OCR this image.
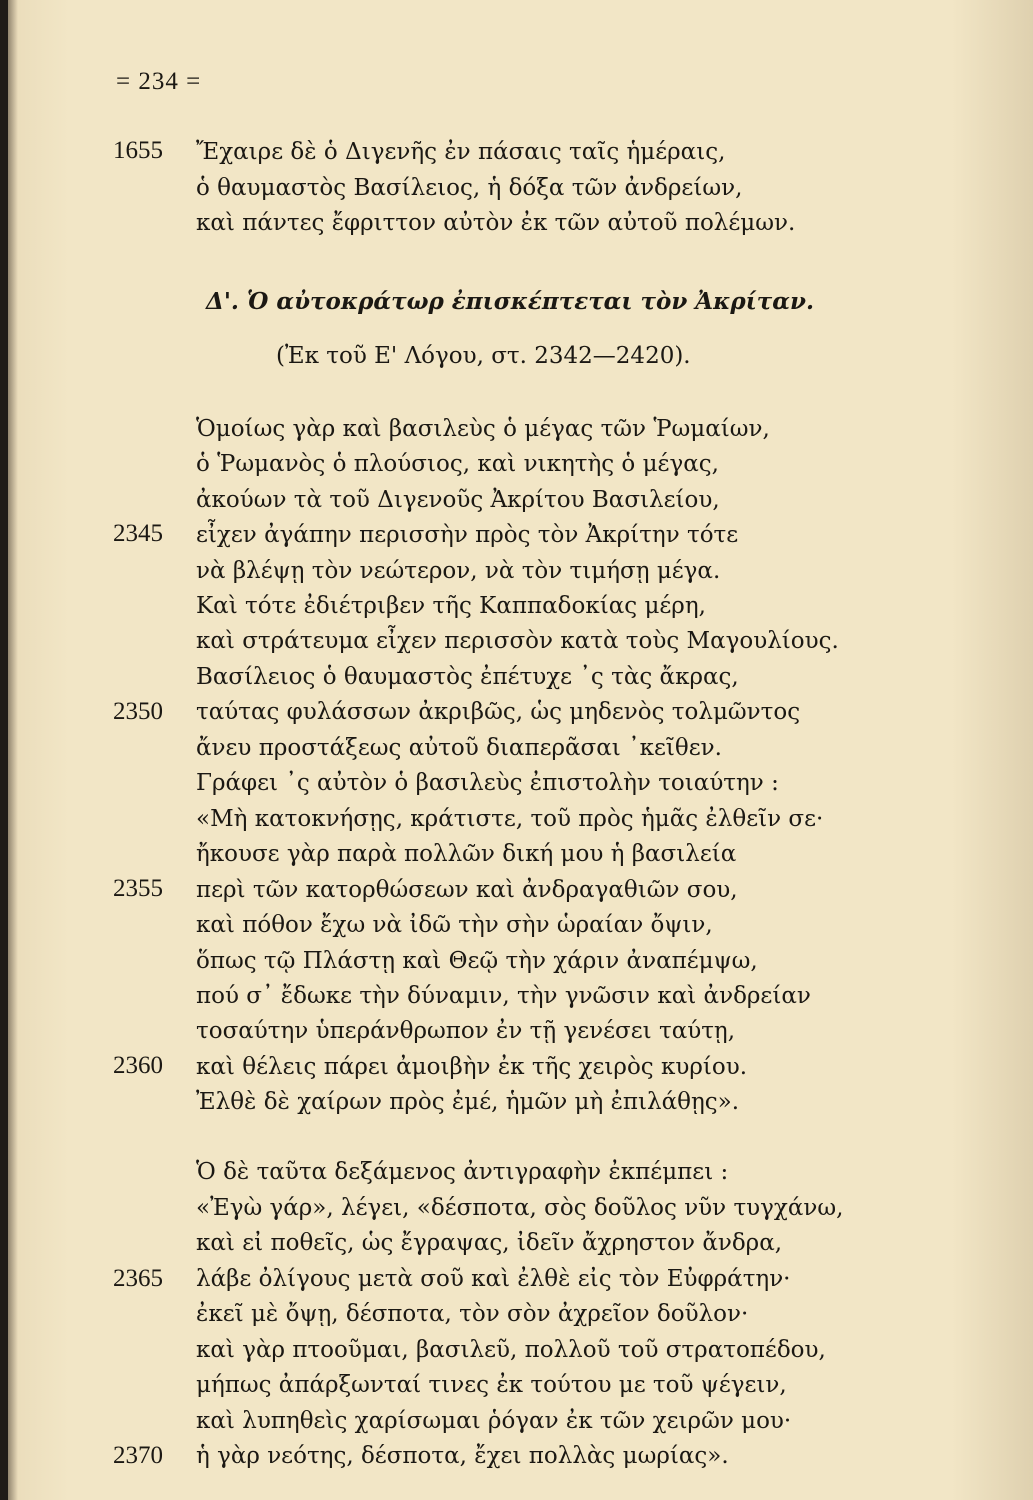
= 234 =
1655 Ἔχαιρε δὲ ὁ Διγενῆς ἐν πάσαις ταῖς ἡμέραις,
ὁ θαυμαστὸς Βασίλειος, ἡ δόξα τῶν ἀνδρείων,
καὶ πάντες ἔφριττον αὐτὸν ἐκ τῶν αὐτοῦ πολέμων.
Δ'. Ὁ αὐτοκράτωρ ἐπισκέπτεται τὸν Ἀκρίταν.
(Ἐκ τοῦ Ε' Λόγου, στ. 2342—2420).
Ὁμοίως γὰρ καὶ βασιλεὺς ὁ μέγας τῶν Ῥωμαίων,
ὁ Ῥωμανὸς ὁ πλούσιος, καὶ νικητὴς ὁ μέγας,
ἀκούων τὰ τοῦ Διγενοῦς Ἀκρίτου Βασιλείου,
2345 εἶχεν ἀγάπην περισσὴν πρὸς τὸν Ἀκρίτην τότε
νὰ βλέψῃ τὸν νεώτερον, νὰ τὸν τιμήσῃ μέγα.
Καὶ τότε ἐδιέτριβεν τῆς Καππαδοκίας μέρη,
καὶ στράτευμα εἶχεν περισσὸν κατὰ τοὺς Μαγουλίους.
Βασίλειος ὁ θαυμαστὸς ἐπέτυχε ᾽ς τὰς ἄκρας,
2350 ταύτας φυλάσσων ἀκριβῶς, ὡς μηδενὸς τολμῶντος
ἄνευ προστάξεως αὐτοῦ διαπερᾶσαι ᾽κεῖθεν.
Γράφει ᾽ς αὐτὸν ὁ βασιλεὺς ἐπιστολὴν τοιαύτην :
«Μὴ κατοκνήσῃς, κράτιστε, τοῦ πρὸς ἡμᾶς ἐλθεῖν σε·
ἤκουσε γὰρ παρὰ πολλῶν δική μου ἡ βασιλεία
2355 περὶ τῶν κατορθώσεων καὶ ἀνδραγαθιῶν σου,
καὶ πόθον ἔχω νὰ ἰδῶ τὴν σὴν ὡραίαν ὄψιν,
ὅπως τῷ Πλάστῃ καὶ Θεῷ τὴν χάριν ἀναπέμψω,
πού σ᾽ ἔδωκε τὴν δύναμιν, τὴν γνῶσιν καὶ ἀνδρείαν
τοσαύτην ὑπεράνθρωπον ἐν τῇ γενέσει ταύτῃ,
2360 καὶ θέλεις πάρει ἀμοιβὴν ἐκ τῆς χειρὸς κυρίου.
Ἐλθὲ δὲ χαίρων πρὸς ἐμέ, ἡμῶν μὴ ἐπιλάθῃς».
Ὁ δὲ ταῦτα δεξάμενος ἀντιγραφὴν ἐκπέμπει :
«Ἐγὼ γάρ», λέγει, «δέσποτα, σὸς δοῦλος νῦν τυγχάνω,
καὶ εἰ ποθεῖς, ὡς ἔγραψας, ἰδεῖν ἄχρηστον ἄνδρα,
2365 λάβε ὀλίγους μετὰ σοῦ καὶ ἐλθὲ εἰς τὸν Εὐφράτην·
ἐκεῖ μὲ ὄψῃ, δέσποτα, τὸν σὸν ἀχρεῖον δοῦλον·
καὶ γὰρ πτοοῦμαι, βασιλεῦ, πολλοῦ τοῦ στρατοπέδου,
μήπως ἀπάρξωνταί τινες ἐκ τούτου με τοῦ ψέγειν,
καὶ λυπηθεὶς χαρίσωμαι ῥόγαν ἐκ τῶν χειρῶν μου·
2370 ἡ γὰρ νεότης, δέσποτα, ἔχει πολλὰς μωρίας».
